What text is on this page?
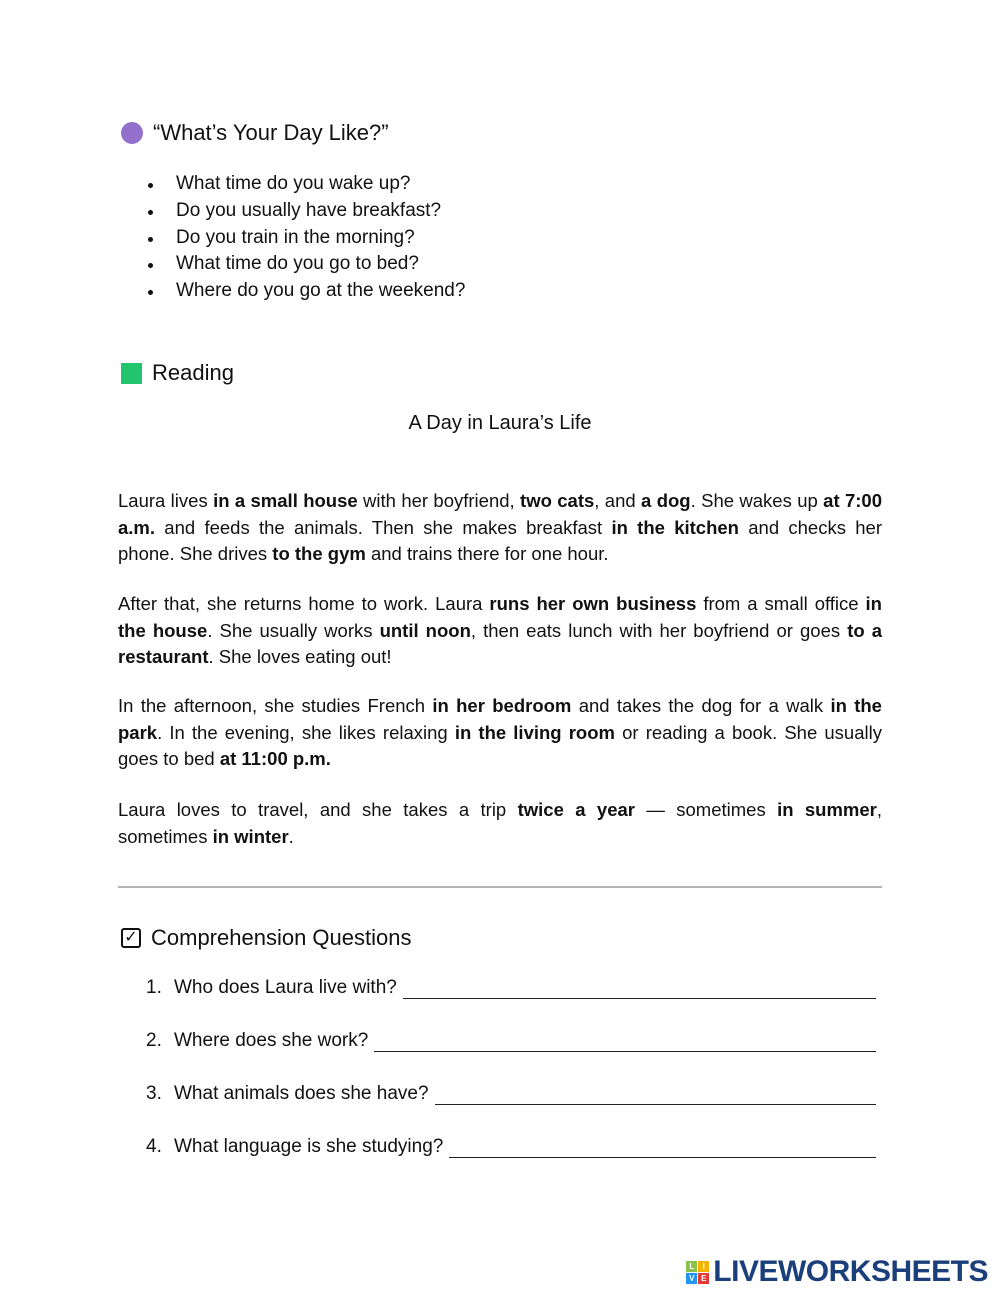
“What’s Your Day Like?”
What time do you wake up?
Do you usually have breakfast?
Do you train in the morning?
What time do you go to bed?
Where do you go at the weekend?
Reading
A Day in Laura’s Life

Laura lives in a small house with her boyfriend, two cats, and a dog. She wakes up at 7:00 a.m. and feeds the animals. Then she makes breakfast in the kitchen and checks her phone. She drives to the gym and trains there for one hour.

After that, she returns home to work. Laura runs her own business from a small office in the house. She usually works until noon, then eats lunch with her boyfriend or goes to a restaurant. She loves eating out!

In the afternoon, she studies French in her bedroom and takes the dog for a walk in the park. In the evening, she likes relaxing in the living room or reading a book. She usually goes to bed at 11:00 p.m.

Laura loves to travel, and she takes a trip twice a year — sometimes in summer, sometimes in winter.

✓ Comprehension Questions
1. Who does Laura live with?
2. Where does she work?
3. What animals does she have?
4. What language is she studying?
L	I
V E LIVEWORKSHEETS
